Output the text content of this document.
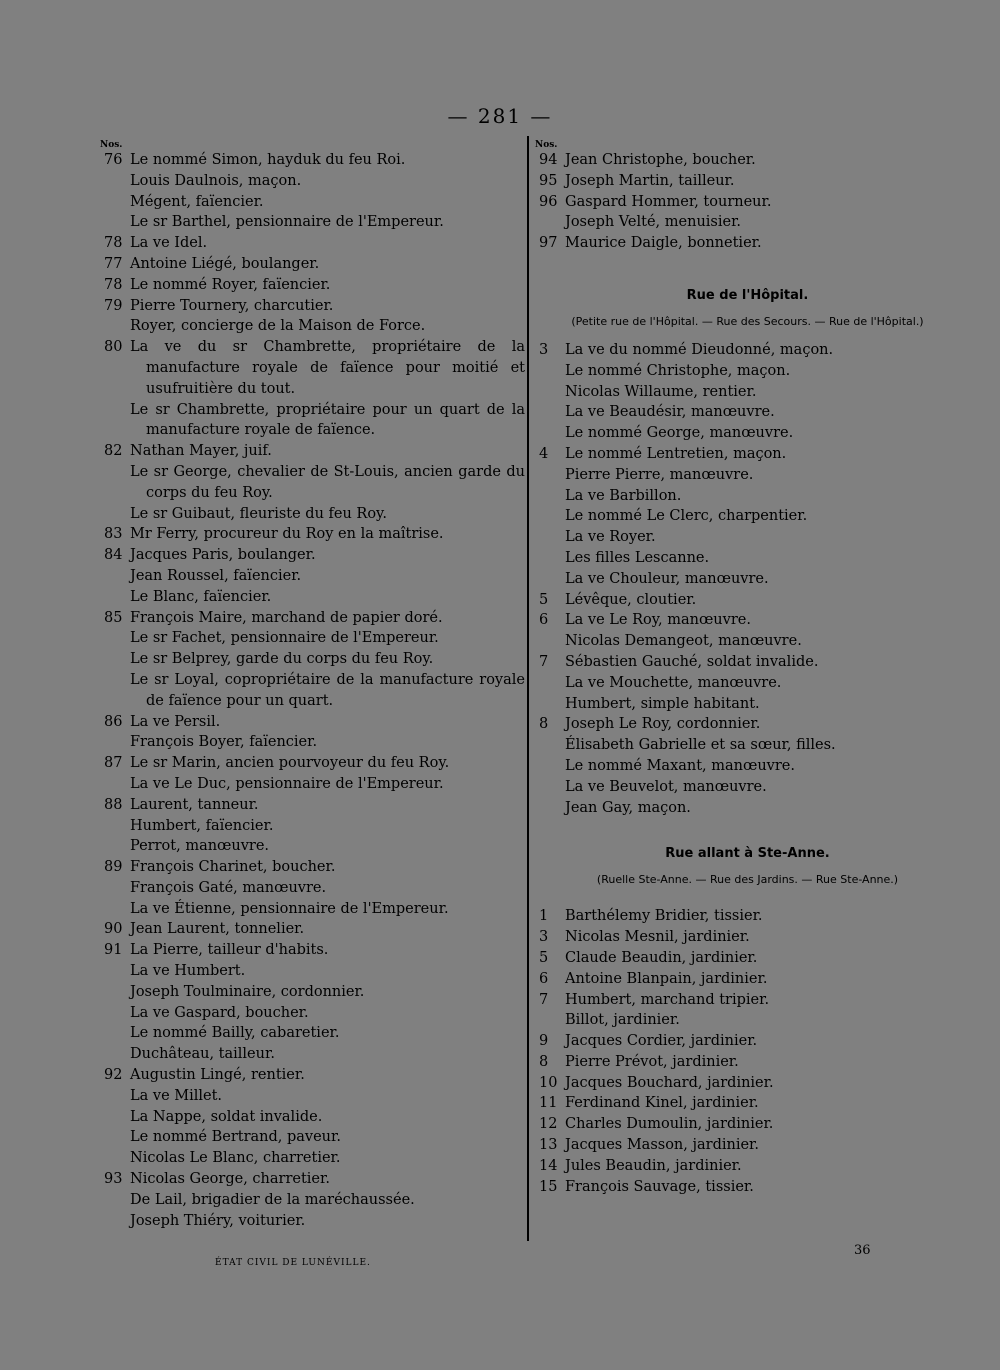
— 281 —
Nos.
76 Le nommé Simon, hayduk du feu Roi.
Louis Daulnois, maçon.
Mégent, faïencier.
Le sr Barthel, pensionnaire de l'Empereur.
78 La ve Idel.
77 Antoine Liégé, boulanger.
78 Le nommé Royer, faïencier.
79 Pierre Tournery, charcutier.
Royer, concierge de la Maison de Force.
80 La ve du sr Chambrette, propriétaire de la manufacture royale de faïence pour moitié et usufruitière du tout.
Le sr Chambrette, propriétaire pour un quart de la manufacture royale de faïence.
82 Nathan Mayer, juif.
Le sr George, chevalier de St-Louis, ancien garde du corps du feu Roy.
Le sr Guibaut, fleuriste du feu Roy.
83 Mr Ferry, procureur du Roy en la maîtrise.
84 Jacques Paris, boulanger.
Jean Roussel, faïencier.
Le Blanc, faïencier.
85 François Maire, marchand de papier doré.
Le sr Fachet, pensionnaire de l'Empereur.
Le sr Belprey, garde du corps du feu Roy.
Le sr Loyal, copropriétaire de la manufacture royale de faïence pour un quart.
86 La ve Persil.
François Boyer, faïencier.
87 Le sr Marin, ancien pourvoyeur du feu Roy.
La ve Le Duc, pensionnaire de l'Empereur.
88 Laurent, tanneur.
Humbert, faïencier.
Perrot, manœuvre.
89 François Charinet, boucher.
François Gaté, manœuvre.
La ve Étienne, pensionnaire de l'Empereur.
90 Jean Laurent, tonnelier.
91 La Pierre, tailleur d'habits.
La ve Humbert.
Joseph Toulminaire, cordonnier.
La ve Gaspard, boucher.
Le nommé Bailly, cabaretier.
Duchâteau, tailleur.
92 Augustin Lingé, rentier.
La ve Millet.
La Nappe, soldat invalide.
Le nommé Bertrand, paveur.
Nicolas Le Blanc, charretier.
93 Nicolas George, charretier.
De Lail, brigadier de la maréchaussée.
Joseph Thiéry, voiturier.
Nos.
94 Jean Christophe, boucher.
95 Joseph Martin, tailleur.
96 Gaspard Hommer, tourneur.
Joseph Velté, menuisier.
97 Maurice Daigle, bonnetier.
Rue de l'Hôpital.
(Petite rue de l'Hôpital. — Rue des Secours. — Rue de l'Hôpital.)
3	La ve du nommé Dieudonné, maçon.
Le nommé Christophe, maçon.
Nicolas Willaume, rentier.
La ve Beaudésir, manœuvre.
Le nommé George, manœuvre.
4	Le nommé Lentretien, maçon.
Pierre Pierre, manœuvre.
La ve Barbillon.
Le nommé Le Clerc, charpentier.
La ve Royer.
Les filles Lescanne.
La ve Chouleur, manœuvre.
5	Lévêque, cloutier.
6	La ve Le Roy, manœuvre.
Nicolas Demangeot, manœuvre.
7	Sébastien Gauché, soldat invalide.
La ve Mouchette, manœuvre.
Humbert, simple habitant.
8	Joseph Le Roy, cordonnier.
Élisabeth Gabrielle et sa sœur, filles.
Le nommé Maxant, manœuvre.
La ve Beuvelot, manœuvre.
Jean Gay, maçon.
Rue allant à Ste-Anne.
(Ruelle Ste-Anne. — Rue des Jardins. — Rue Ste-Anne.)
1	Barthélemy Bridier, tissier.
3	Nicolas Mesnil, jardinier.
5	Claude Beaudin, jardinier.
6	Antoine Blanpain, jardinier.
7	Humbert, marchand tripier.
Billot, jardinier.
9	Jacques Cordier, jardinier.
8	Pierre Prévot, jardinier.
10 Jacques Bouchard, jardinier.
11 Ferdinand Kinel, jardinier.
12 Charles Dumoulin, jardinier.
13 Jacques Masson, jardinier.
14 Jules Beaudin, jardinier.
15 François Sauvage, tissier.
ÉTAT CIVIL DE LUNÉVILLE.
36
